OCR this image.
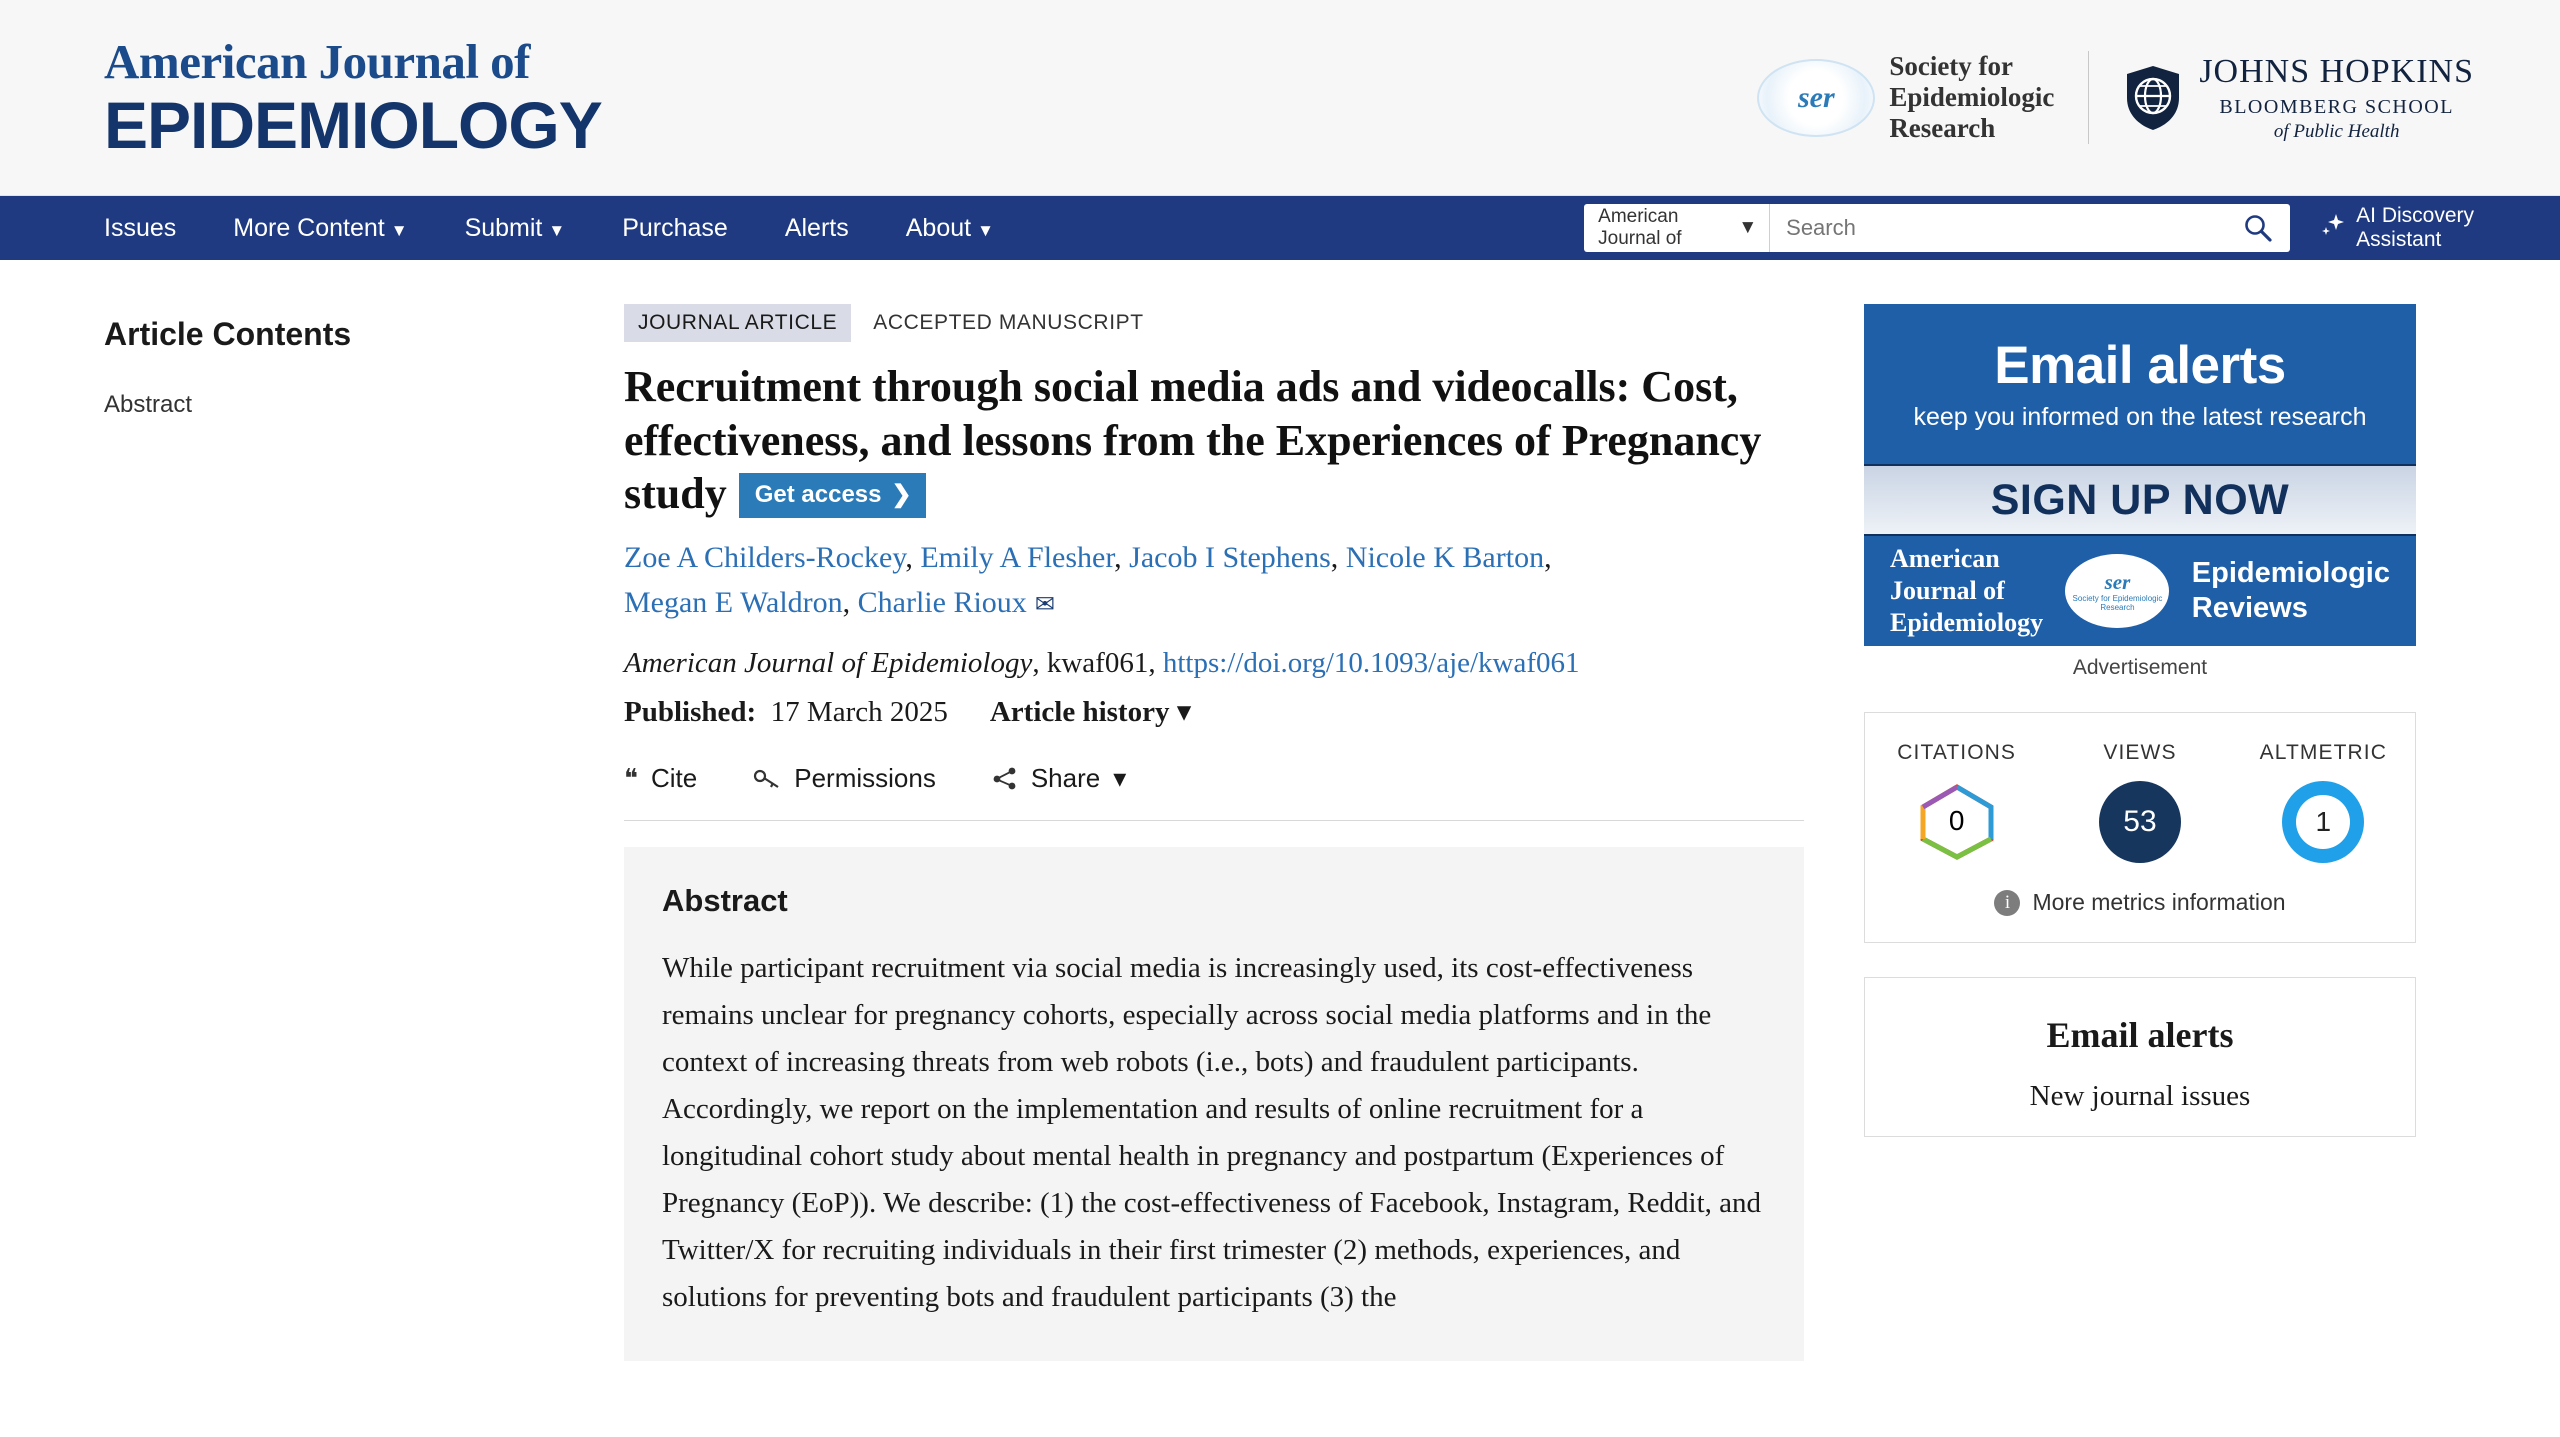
American Journal of
EPIDEMIOLOGY	ser
Society for
Epidemiologic
Research
JOHNS HOPKINS
BLOOMBERG SCHOOL
of Public Health
Issues	More Content ▼	Submit ▼	Purchase	Alerts	About ▼
American Journal of
▼
Search
AI Discovery
Assistant
Article Contents
Abstract
JOURNAL ARTICLE	ACCEPTED MANUSCRIPT
Recruitment through social media ads and videocalls: Cost, effectiveness, and lessons from the Experiences of Pregnancy study Get access ❯
Zoe A Childers-Rockey, Emily A Flesher, Jacob I Stephens, Nicole K Barton,
Megan E Waldron, Charlie Rioux ✉
American Journal of Epidemiology, kwaf061, https://doi.org/10.1093/aje/kwaf061
Published: 17 March 2025 Article history ▾
❝ Cite	Permissions	Share ▾
Abstract

While participant recruitment via social media is increasingly used, its cost-effectiveness remains unclear for pregnancy cohorts, especially across social media platforms and in the context of increasing threats from web robots (i.e., bots) and fraudulent participants. Accordingly, we report on the implementation and results of online recruitment for a longitudinal cohort study about mental health in pregnancy and postpartum (Experiences of Pregnancy (EoP)). We describe: (1) the cost-effectiveness of Facebook, Instagram, Reddit, and Twitter/X for recruiting individuals in their first trimester (2) methods, experiences, and solutions for preventing bots and fraudulent participants (3) the

Email alerts
keep you informed on the latest research
SIGN UP NOW
American
Journal of
Epidemiology
ser
Society for Epidemiologic Research
Epidemiologic
Reviews
Advertisement
CITATIONS
0
VIEWS
53
ALTMETRIC
1
i More metrics information
Email alerts
New journal issues
